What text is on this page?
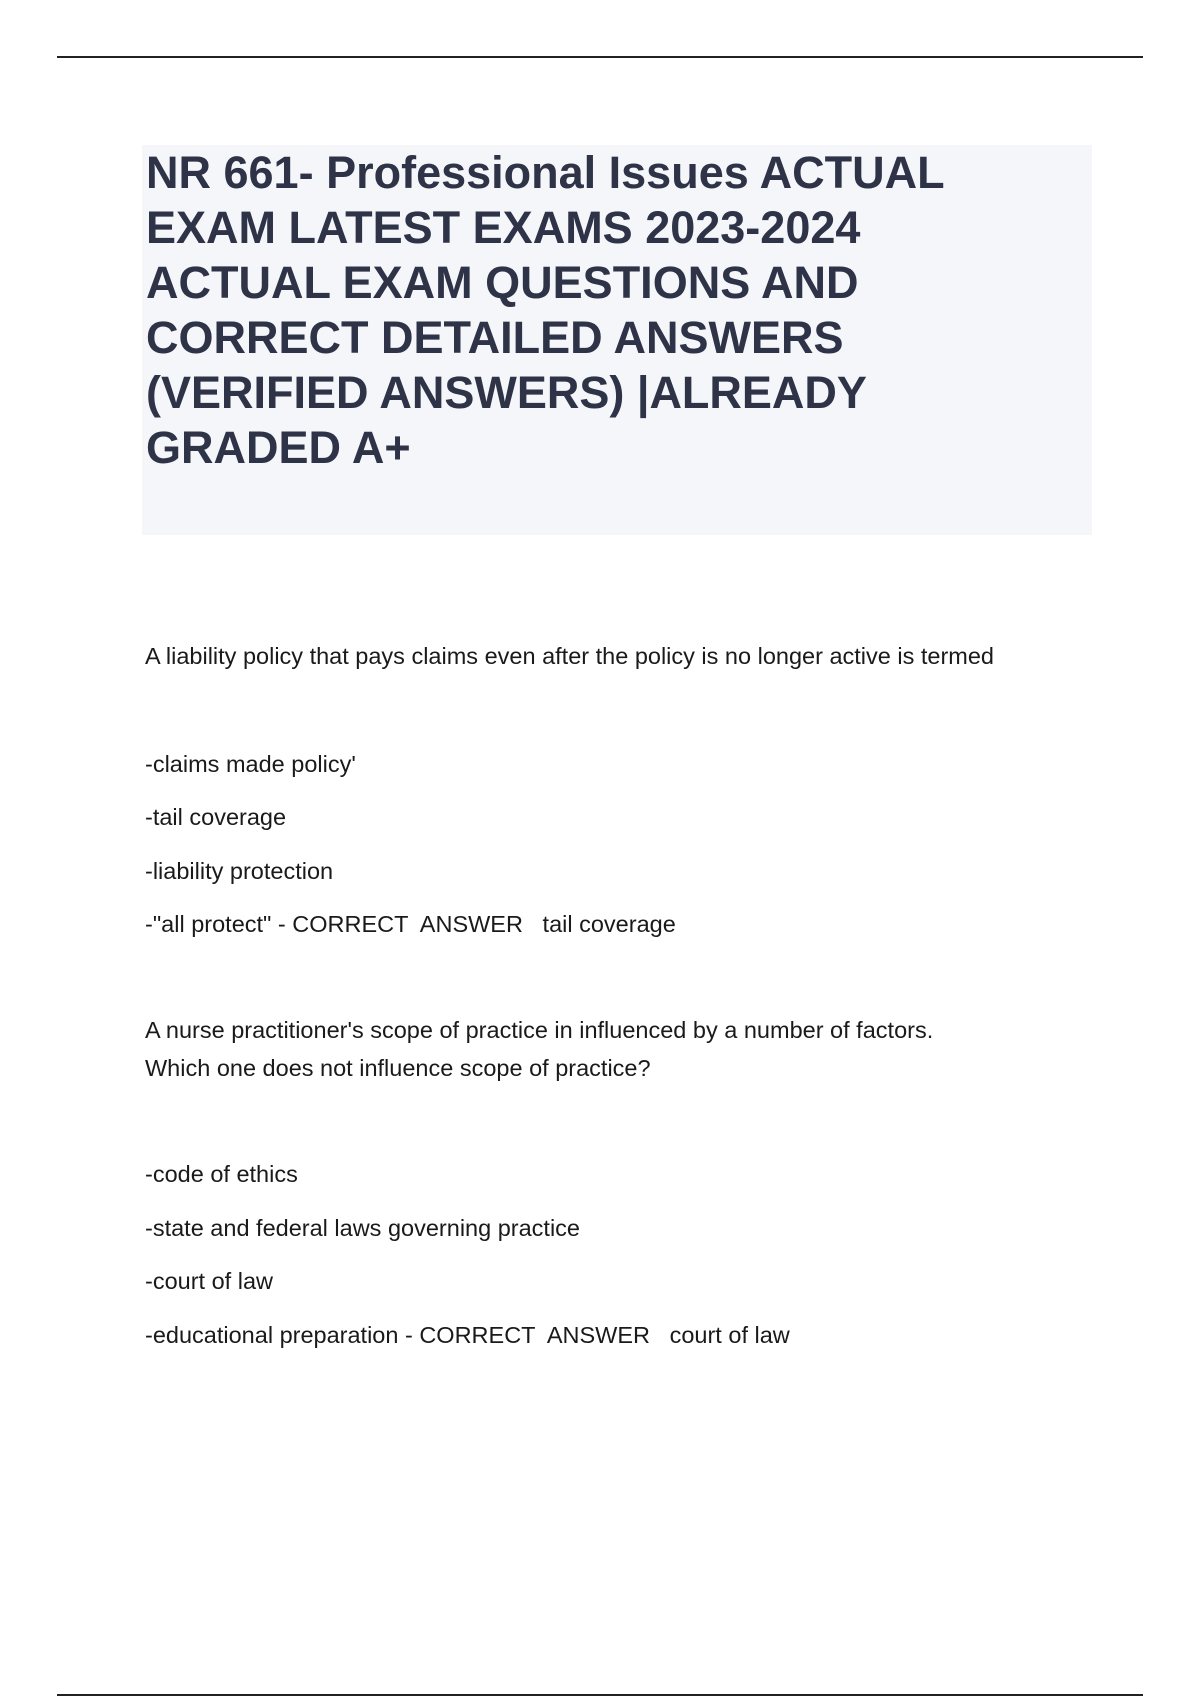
NR 661- Professional Issues ACTUAL
EXAM LATEST EXAMS 2023-2024
ACTUAL EXAM QUESTIONS AND
CORRECT DETAILED ANSWERS
(VERIFIED ANSWERS) |ALREADY
GRADED A+

A liability policy that pays claims even after the policy is no longer active is termed

-claims made policy'

-tail coverage

-liability protection

-"all protect" - CORRECT  ANSWER   tail coverage

A nurse practitioner's scope of practice in influenced by a number of factors.

Which one does not influence scope of practice?

-code of ethics

-state and federal laws governing practice

-court of law

-educational preparation - CORRECT  ANSWER   court of law
